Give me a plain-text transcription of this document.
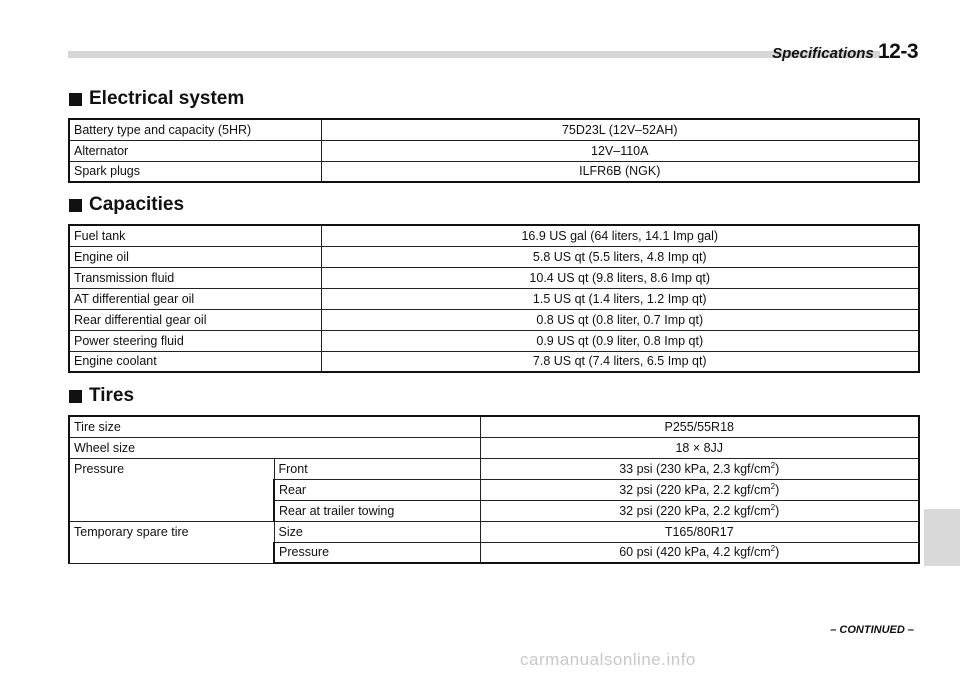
Specifications 12-3
Electrical system
Battery type and capacity (5HR)	75D23L (12V–52AH)
Alternator	12V–110A
Spark plugs	ILFR6B (NGK)
Capacities
Fuel tank	16.9 US gal (64 liters, 14.1 Imp gal)
Engine oil	5.8 US qt (5.5 liters, 4.8 Imp qt)
Transmission fluid	10.4 US qt (9.8 liters, 8.6 Imp qt)
AT differential gear oil	1.5 US qt (1.4 liters, 1.2 Imp qt)
Rear differential gear oil	0.8 US qt (0.8 liter, 0.7 Imp qt)
Power steering fluid	0.9 US qt (0.9 liter, 0.8 Imp qt)
Engine coolant	7.8 US qt (7.4 liters, 6.5 Imp qt)
Tires
Tire size		P255/55R18
Wheel size		18 × 8JJ
Pressure	Front	33 psi (230 kPa, 2.3 kgf/$cm^2$)
	Rear	32 psi (220 kPa, 2.2 kgf/$cm^2$)
	Rear at trailer towing	32 psi (220 kPa, 2.2 kgf/$cm^2$)
Temporary spare tire	Size	T165/80R17
	Pressure	60 psi (420 kPa, 4.2 kgf/$cm^2$)
– CONTINUED –
carmanualsonline.info
